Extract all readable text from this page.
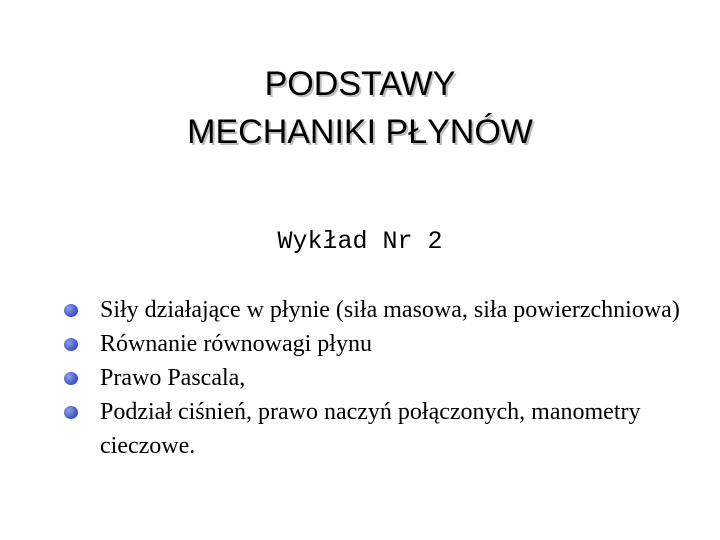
PODSTAWY
MECHANIKI PŁYNÓW
Wykład Nr 2
Siły działające w płynie (siła masowa, siła powierzchniowa)
Równanie równowagi płynu
Prawo Pascala,
Podział ciśnień, prawo naczyń połączonych, manometry cieczowe.
